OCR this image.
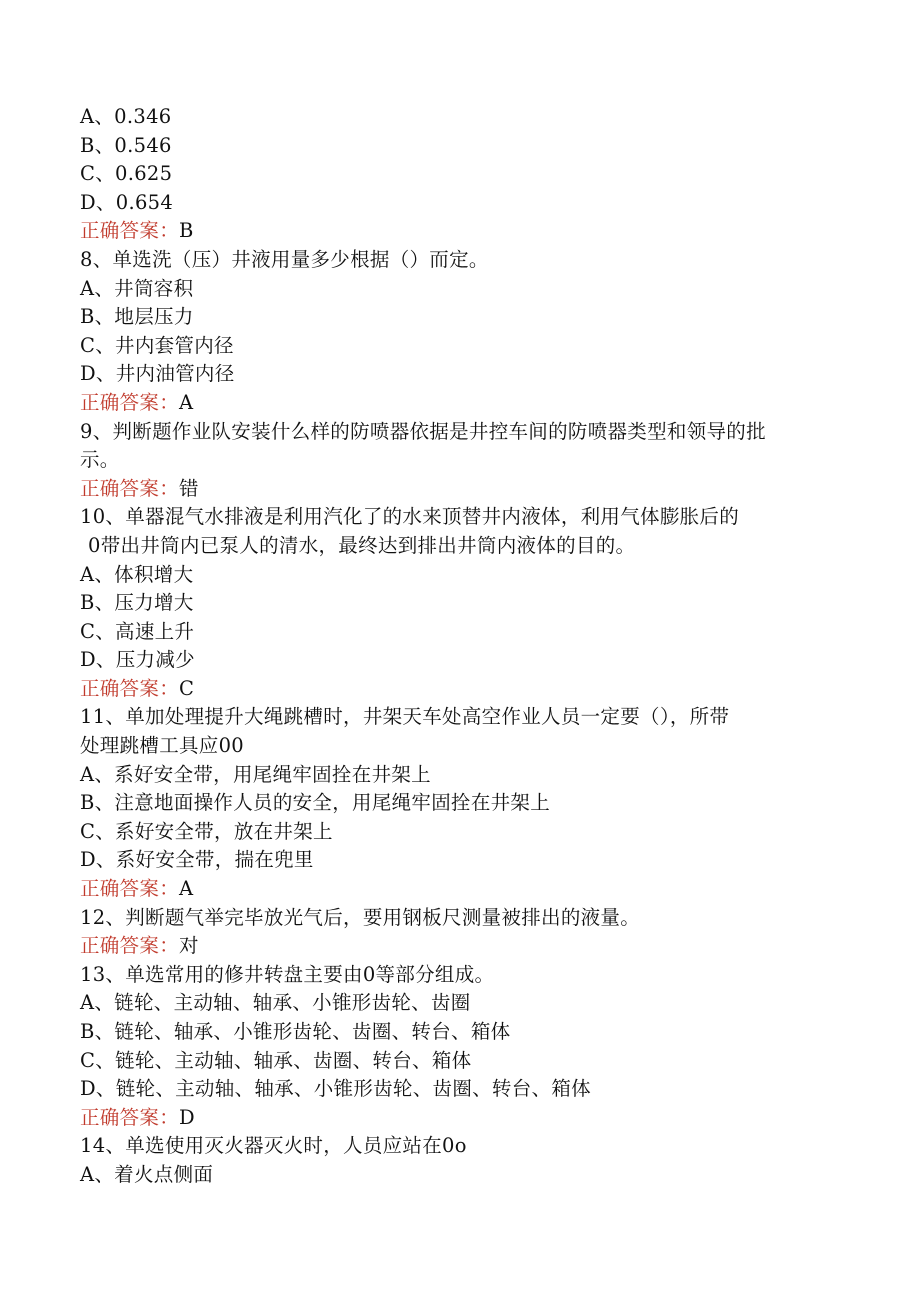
A、0.346
B、0.546
C、0.625
D、0.654
正确答案：B
8、单选洗（压）井液用量多少根据（）而定。
A、井筒容积
B、地层压力
C、井内套管内径
D、井内油管内径
正确答案：A
9、判断题作业队安装什么样的防喷器依据是井控车间的防喷器类型和领导的批
示。
正确答案：错
10、单器混气水排液是利用汽化了的水来顶替井内液体，利用气体膨胀后的
0带出井筒内已泵人的清水，最终达到排出井筒内液体的目的。
A、体积增大
B、压力增大
C、高速上升
D、压力减少
正确答案：C
11、单加处理提升大绳跳槽时，井架天车处高空作业人员一定要（），所带
处理跳槽工具应00
A、系好安全带，用尾绳牢固拴在井架上
B、注意地面操作人员的安全，用尾绳牢固拴在井架上
C、系好安全带，放在井架上
D、系好安全带，揣在兜里
正确答案：A
12、判断题气举完毕放光气后，要用钢板尺测量被排出的液量。
正确答案：对
13、单选常用的修井转盘主要由0等部分组成。
A、链轮、主动轴、轴承、小锥形齿轮、齿圈
B、链轮、轴承、小锥形齿轮、齿圈、转台、箱体
C、链轮、主动轴、轴承、齿圈、转台、箱体
D、链轮、主动轴、轴承、小锥形齿轮、齿圈、转台、箱体
正确答案：D
14、单选使用灭火器灭火时，人员应站在0o
A、着火点侧面
